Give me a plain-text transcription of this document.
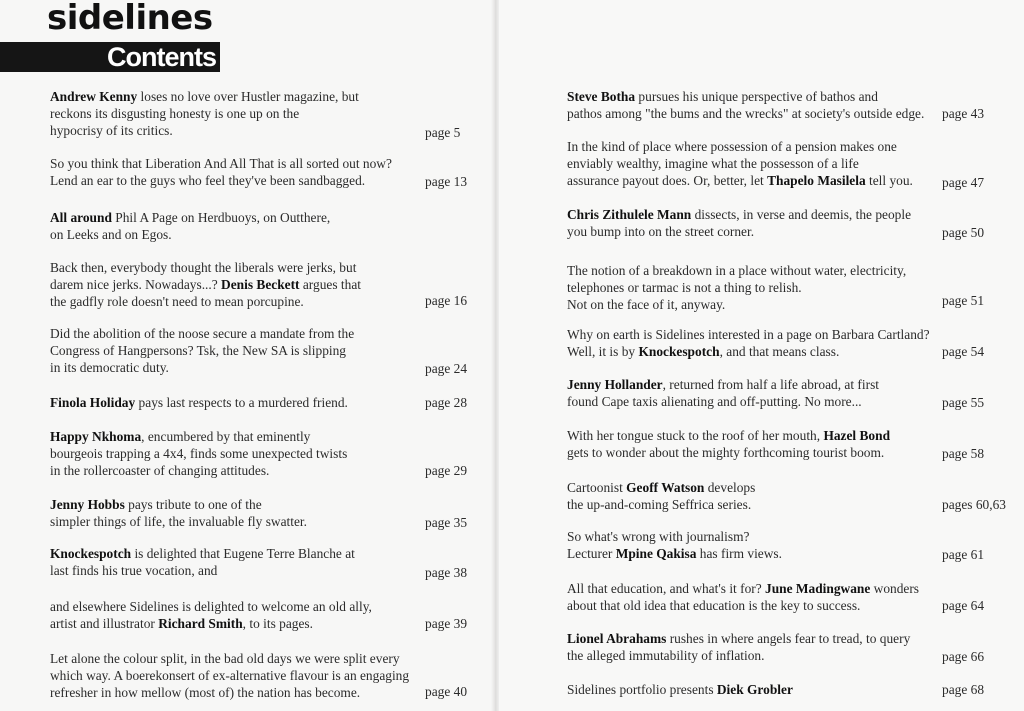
sidelines
Contents
Andrew Kenny loses no love over Hustler magazine, but
reckons its disgusting honesty is one up on the
hypocrisy of its critics.	page 5
So you think that Liberation And All That is all sorted out now?
Lend an ear to the guys who feel they've been sandbagged.	page 13
All around Phil A Page on Herdbuoys, on Outthere,
on Leeks and on Egos.
Back then, everybody thought the liberals were jerks, but
darem nice jerks. Nowadays...? Denis Beckett argues that
the gadfly role doesn't need to mean porcupine.	page 16
Did the abolition of the noose secure a mandate from the
Congress of Hangpersons? Tsk, the New SA is slipping
in its democratic duty.	page 24
Finola Holiday pays last respects to a murdered friend.	page 28
Happy Nkhoma, encumbered by that eminently
bourgeois trapping a 4x4, finds some unexpected twists
in the rollercoaster of changing attitudes.	page 29
Jenny Hobbs pays tribute to one of the
simpler things of life, the invaluable fly swatter.	page 35
Knockespotch is delighted that Eugene Terre Blanche at
last finds his true vocation, and	page 38
and elsewhere Sidelines is delighted to welcome an old ally,
artist and illustrator Richard Smith, to its pages.	page 39
Let alone the colour split, in the bad old days we were split every
which way. A boerekonsert of ex-alternative flavour is an engaging
refresher in how mellow (most of) the nation has become.	page 40
Steve Botha pursues his unique perspective of bathos and
pathos among "the bums and the wrecks" at society's outside edge. page 43
In the kind of place where possession of a pension makes one
enviably wealthy, imagine what the possesson of a life
assurance payout does. Or, better, let Thapelo Masilela tell you. page 47
Chris Zithulele Mann dissects, in verse and deemis, the people
you bump into on the street corner.	page 50
The notion of a breakdown in a place without water, electricity,
telephones or tarmac is not a thing to relish.
Not on the face of it, anyway.	page 51
Why on earth is Sidelines interested in a page on Barbara Cartland?
Well, it is by Knockespotch, and that means class.	page 54
Jenny Hollander, returned from half a life abroad, at first
found Cape taxis alienating and off-putting. No more...	page 55
With her tongue stuck to the roof of her mouth, Hazel Bond
gets to wonder about the mighty forthcoming tourist boom.	page 58
Cartoonist Geoff Watson develops
the up-and-coming Seffrica series.	pages 60,63
So what's wrong with journalism?
Lecturer Mpine Qakisa has firm views.	page 61
All that education, and what's it for? June Madingwane wonders
about that old idea that education is the key to success.	page 64
Lionel Abrahams rushes in where angels fear to tread, to query
the alleged immutability of inflation.	page 66
Sidelines portfolio presents Diek Grobler	page 68
